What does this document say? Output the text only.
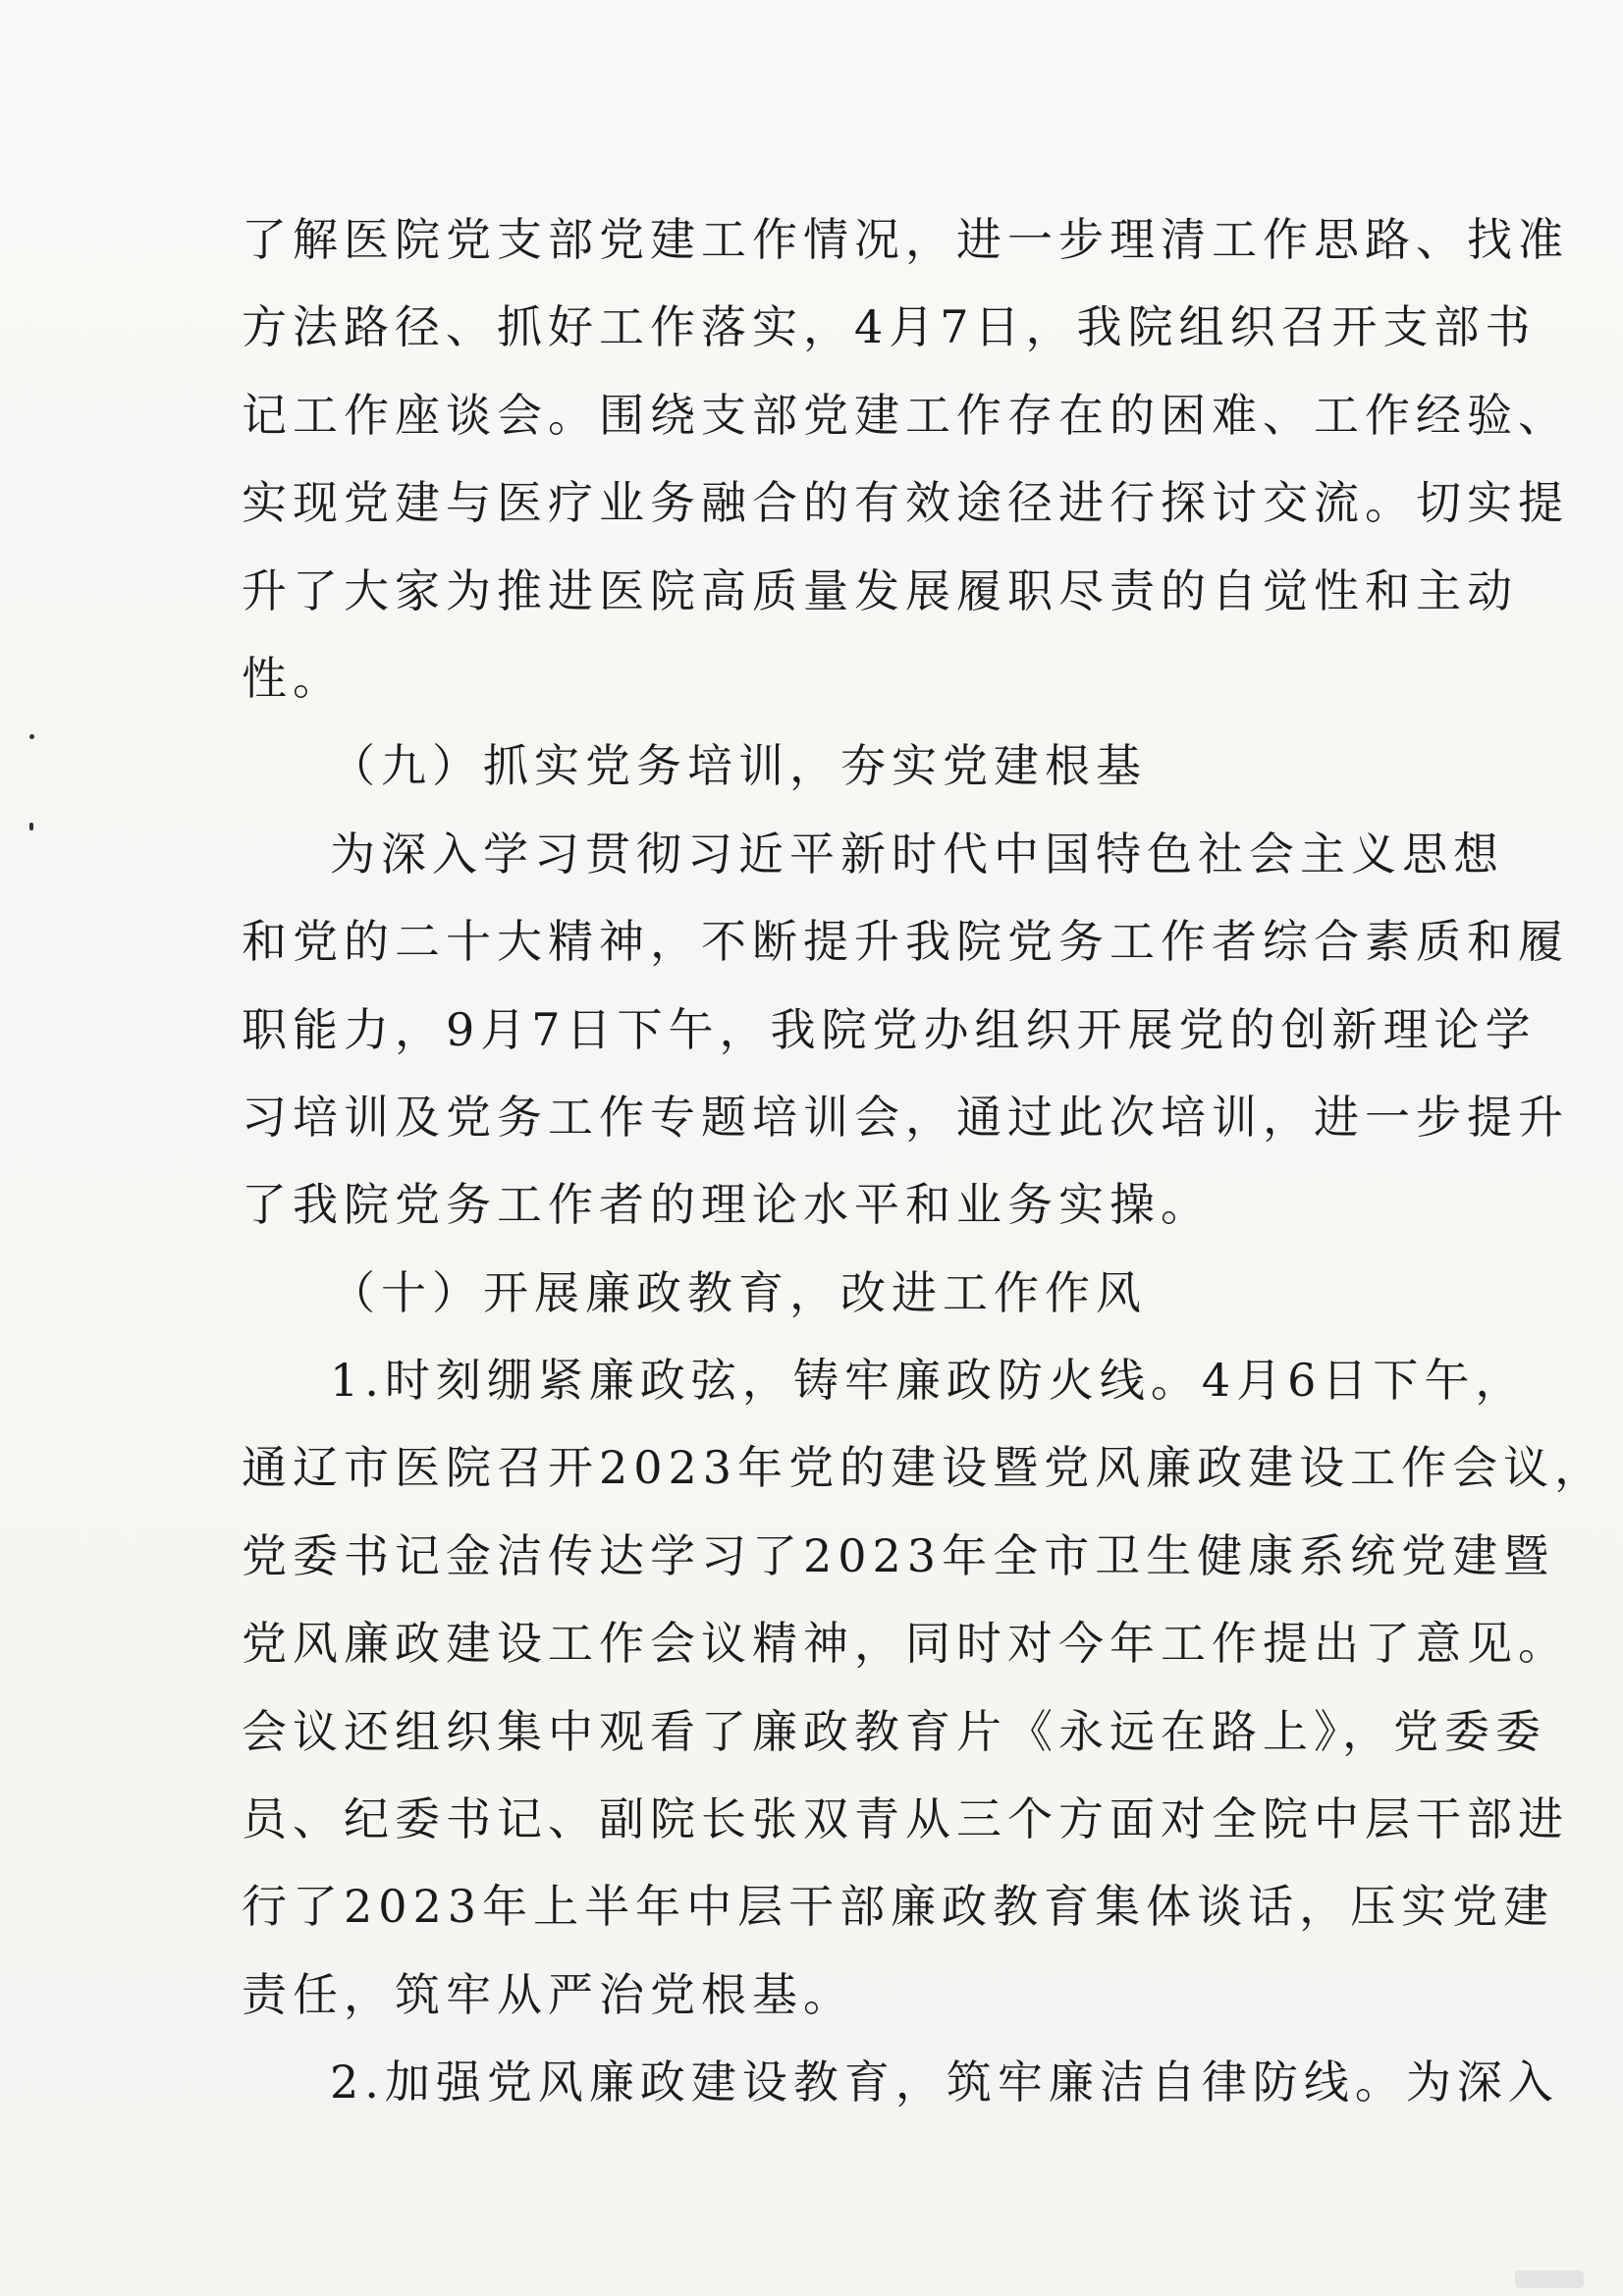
了解医院党支部党建工作情况，进一步理清工作思路、找准
方法路径、抓好工作落实，4月7日，我院组织召开支部书
记工作座谈会。围绕支部党建工作存在的困难、工作经验、
实现党建与医疗业务融合的有效途径进行探讨交流。切实提
升了大家为推进医院高质量发展履职尽责的自觉性和主动
性。
（九）抓实党务培训，夯实党建根基
为深入学习贯彻习近平新时代中国特色社会主义思想
和党的二十大精神，不断提升我院党务工作者综合素质和履
职能力，9月7日下午，我院党办组织开展党的创新理论学
习培训及党务工作专题培训会，通过此次培训，进一步提升
了我院党务工作者的理论水平和业务实操。
（十）开展廉政教育，改进工作作风
1.时刻绷紧廉政弦，铸牢廉政防火线。4月6日下午，
通辽市医院召开2023年党的建设暨党风廉政建设工作会议，
党委书记金洁传达学习了2023年全市卫生健康系统党建暨
党风廉政建设工作会议精神，同时对今年工作提出了意见。
会议还组织集中观看了廉政教育片《永远在路上》，党委委
员、纪委书记、副院长张双青从三个方面对全院中层干部进
行了2023年上半年中层干部廉政教育集体谈话，压实党建
责任，筑牢从严治党根基。
2.加强党风廉政建设教育，筑牢廉洁自律防线。为深入
